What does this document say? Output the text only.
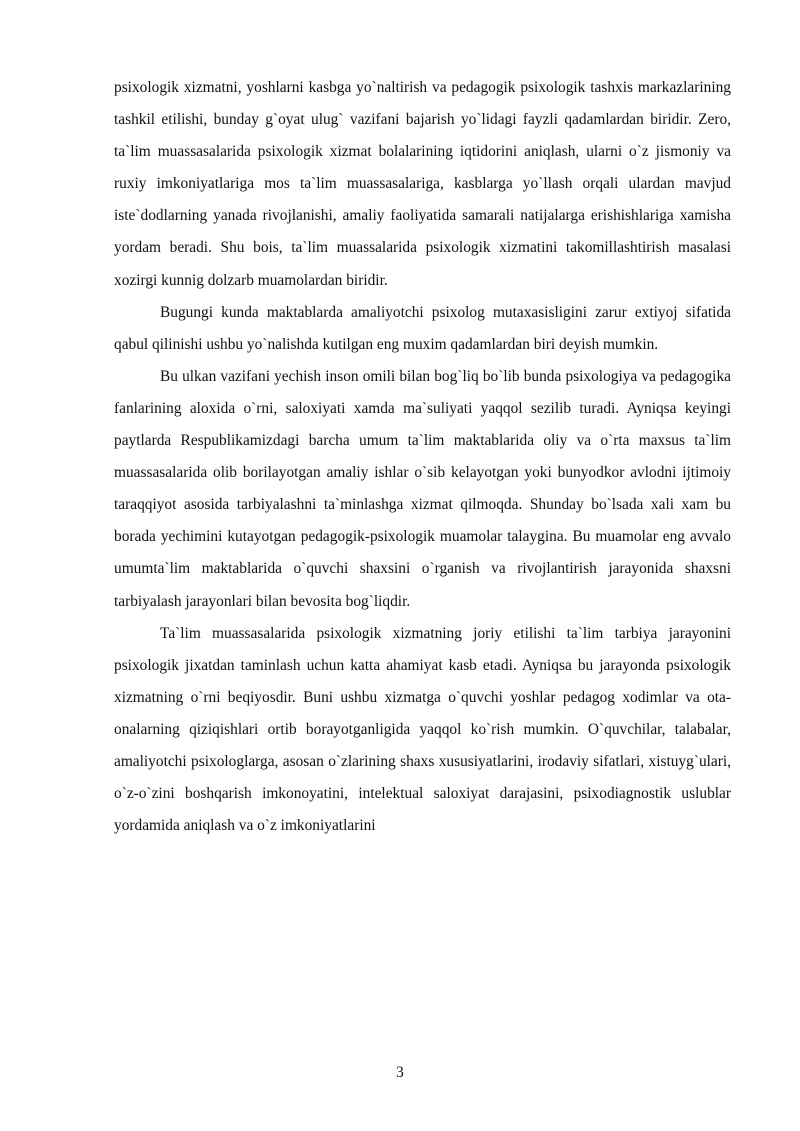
psixologik xizmatni, yoshlarni kasbga yo`naltirish va pedagogik psixologik tashxis markazlarining tashkil etilishi, bunday g`oyat ulug` vazifani bajarish yo`lidagi fayzli qadamlardan biridir. Zero, ta`lim muassasalarida psixologik xizmat bolalarining iqtidorini aniqlash, ularni o`z jismoniy va ruxiy imkoniyatlariga mos ta`lim muassasalariga, kasblarga yo`llash orqali ulardan mavjud iste`dodlarning yanada rivojlanishi, amaliy faoliyatida samarali natijalarga erishishlariga xamisha yordam beradi. Shu bois, ta`lim muassalarida psixologik xizmatini takomillashtirish masalasi xozirgi kunnig dolzarb muamolardan biridir.

Bugungi kunda maktablarda amaliyotchi psixolog mutaxasisligini zarur extiyoj sifatida qabul qilinishi ushbu yo`nalishda kutilgan eng muxim qadamlardan biri deyish mumkin.

Bu ulkan vazifani yechish inson omili bilan bog`liq bo`lib bunda psixologiya va pedagogika fanlarining aloxida o`rni, saloxiyati xamda ma`suliyati yaqqol sezilib turadi. Ayniqsa keyingi paytlarda Respublikamizdagi barcha umum ta`lim maktablarida oliy va o`rta maxsus ta`lim muassasalarida olib borilayotgan amaliy ishlar o`sib kelayotgan yoki bunyodkor avlodni ijtimoiy taraqqiyot asosida tarbiyalashni ta`minlashga xizmat qilmoqda. Shunday bo`lsada xali xam bu borada yechimini kutayotgan pedagogik-psixologik muamolar talaygina. Bu muamolar eng avvalo umumta`lim maktablarida o`quvchi shaxsini o`rganish va rivojlantirish jarayonida shaxsni tarbiyalash jarayonlari bilan bevosita bog`liqdir.

Ta`lim muassasalarida psixologik xizmatning joriy etilishi ta`lim tarbiya jarayonini psixologik jixatdan taminlash uchun katta ahamiyat kasb etadi. Ayniqsa bu jarayonda psixologik xizmatning o`rni beqiyosdir. Buni ushbu xizmatga o`quvchi yoshlar pedagog xodimlar va ota-onalarning qiziqishlari ortib borayotganligida yaqqol ko`rish mumkin. O`quvchilar, talabalar, amaliyotchi psixologlarga, asosan o`zlarining shaxs xususiyatlarini, irodaviy sifatlari, xistuyg`ulari, o`z-o`zini boshqarish imkonoyatini, intelektual saloxiyat darajasini, psixodiagnostik uslublar yordamida aniqlash va o`z imkoniyatlarini

3
